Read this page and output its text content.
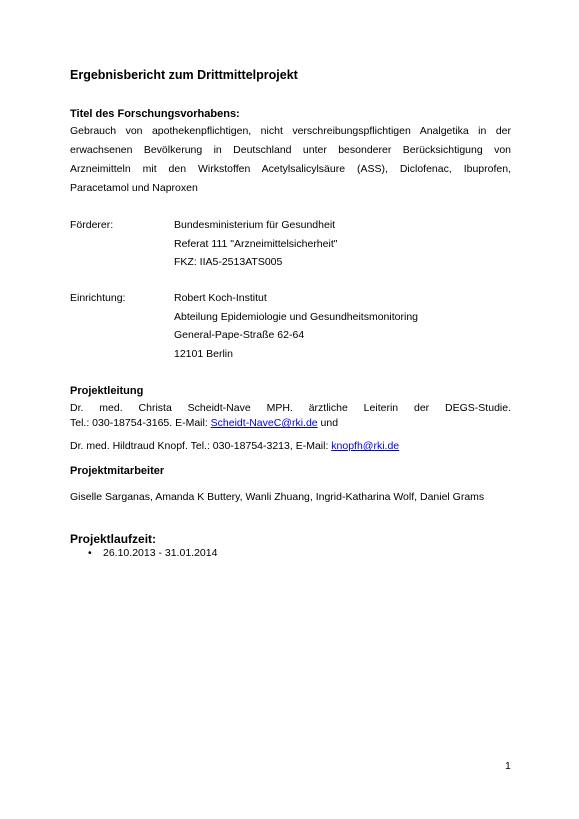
Ergebnisbericht zum Drittmittelprojekt
Titel des Forschungsvorhabens:
Gebrauch von apothekenpflichtigen, nicht verschreibungspflichtigen Analgetika in der
erwachsenen Bevölkerung in Deutschland unter besonderer Berücksichtigung von
Arzneimitteln mit den Wirkstoffen Acetylsalicylsäure (ASS), Diclofenac, Ibuprofen,
Paracetamol und Naproxen
Förderer:	Bundesministerium für Gesundheit
Referat 111 "Arzneimittelsicherheit"
FKZ: IIA5-2513ATS005
Einrichtung:	Robert Koch-Institut
Abteilung Epidemiologie und Gesundheitsmonitoring
General-Pape-Straße 62-64
12101 Berlin
Projektleitung
Dr. med. Christa Scheidt-Nave MPH. ärztliche Leiterin der DEGS-Studie.
Tel.: 030-18754-3165. E-Mail: Scheidt-NaveC@rki.de und
Dr. med. Hildtraud Knopf. Tel.: 030-18754-3213, E-Mail: knopfh@rki.de
Projektmitarbeiter
Giselle Sarganas, Amanda K Buttery, Wanli Zhuang, Ingrid-Katharina Wolf, Daniel Grams
Projektlaufzeit:
• 26.10.2013 - 31.01.2014
1
